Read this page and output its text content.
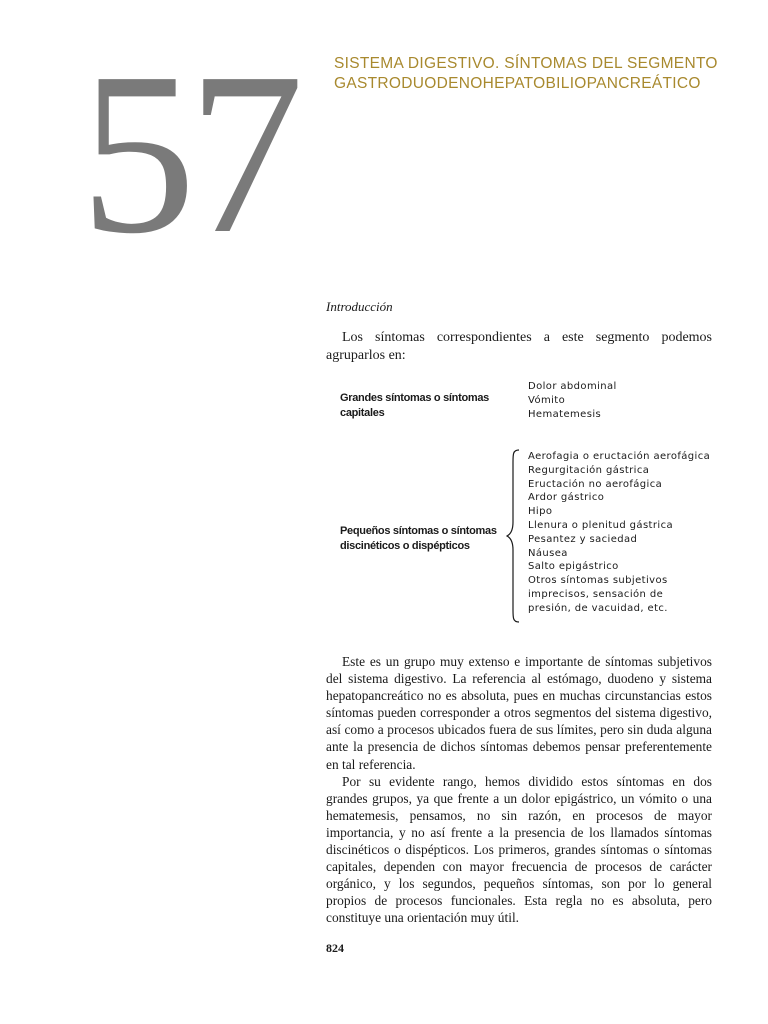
57 SISTEMA DIGESTIVO. SÍNTOMAS DEL SEGMENTO
GASTRODUODENOHEPATOBILIOPANCREÁTICO
Introducción

Los síntomas correspondientes a este segmento podemos agruparlos en:

Grandes síntomas o síntomas
capitales
Dolor abdominal
Vómito
Hematemesis
Pequeños síntomas o síntomas
discinéticos o dispépticos
Aerofagia o eructación aerofágica
Regurgitación gástrica
Eructación no aerofágica
Ardor gástrico
Hipo
Llenura o plenitud gástrica
Pesantez y saciedad
Náusea
Salto epigástrico
Otros síntomas subjetivos
imprecisos, sensación de
presión, de vacuidad, etc.

Este es un grupo muy extenso e importante de síntomas subjetivos del sistema digestivo. La referencia al estómago, duodeno y sistema hepatopancreático no es absoluta, pues en muchas circunstancias estos síntomas pueden corresponder a otros segmentos del sistema digestivo, así como a procesos ubicados fuera de sus límites, pero sin duda alguna ante la presencia de dichos síntomas debemos pensar preferentemente en tal referencia.

Por su evidente rango, hemos dividido estos síntomas en dos grandes grupos, ya que frente a un dolor epigástrico, un vómito o una hematemesis, pensamos, no sin razón, en procesos de mayor importancia, y no así frente a la presencia de los llamados síntomas discinéticos o dispépticos. Los primeros, grandes síntomas o síntomas capitales, dependen con mayor frecuencia de procesos de carácter orgánico, y los segundos, pequeños síntomas, son por lo general propios de procesos funcionales. Esta regla no es absoluta, pero constituye una orientación muy útil.

824
